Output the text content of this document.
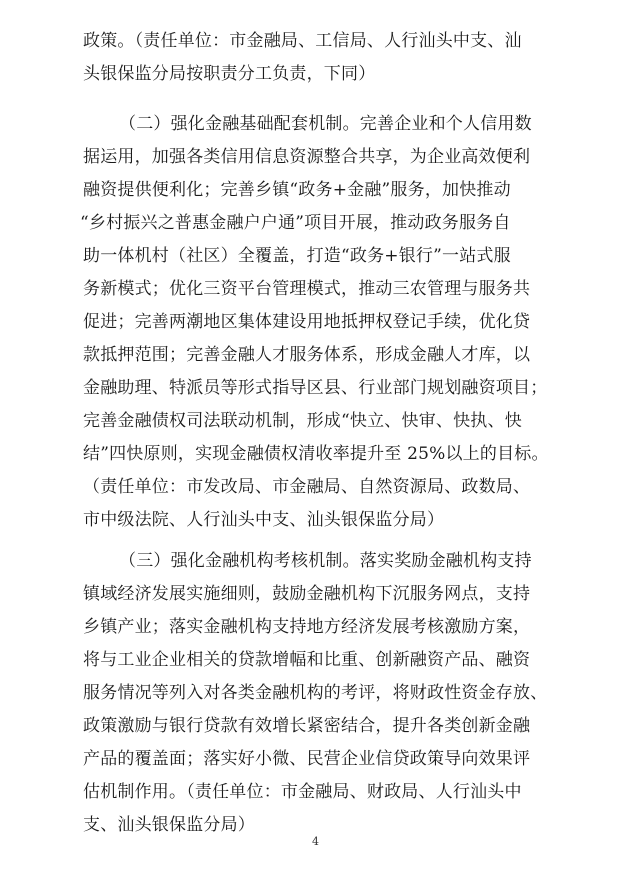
政策。（责任单位：市金融局、工信局、人行汕头中支、汕
头银保监分局按职责分工负责，下同）
（二）强化金融基础配套机制。完善企业和个人信用数
据运用，加强各类信用信息资源整合共享，为企业高效便利
融资提供便利化；完善乡镇“政务+金融”服务，加快推动
“乡村振兴之普惠金融户户通”项目开展，推动政务服务自
助一体机村（社区）全覆盖，打造“政务+银行”一站式服
务新模式；优化三资平台管理模式，推动三农管理与服务共
促进；完善两潮地区集体建设用地抵押权登记手续，优化贷
款抵押范围；完善金融人才服务体系，形成金融人才库，以
金融助理、特派员等形式指导区县、行业部门规划融资项目；
完善金融债权司法联动机制，形成“快立、快审、快执、快
结”四快原则，实现金融债权清收率提升至 25%以上的目标。
（责任单位：市发改局、市金融局、自然资源局、政数局、
市中级法院、人行汕头中支、汕头银保监分局）
（三）强化金融机构考核机制。落实奖励金融机构支持
镇域经济发展实施细则，鼓励金融机构下沉服务网点，支持
乡镇产业；落实金融机构支持地方经济发展考核激励方案，
将与工业企业相关的贷款增幅和比重、创新融资产品、融资
服务情况等列入对各类金融机构的考评，将财政性资金存放、
政策激励与银行贷款有效增长紧密结合，提升各类创新金融
产品的覆盖面；落实好小微、民营企业信贷政策导向效果评
估机制作用。（责任单位：市金融局、财政局、人行汕头中
支、汕头银保监分局）
4
